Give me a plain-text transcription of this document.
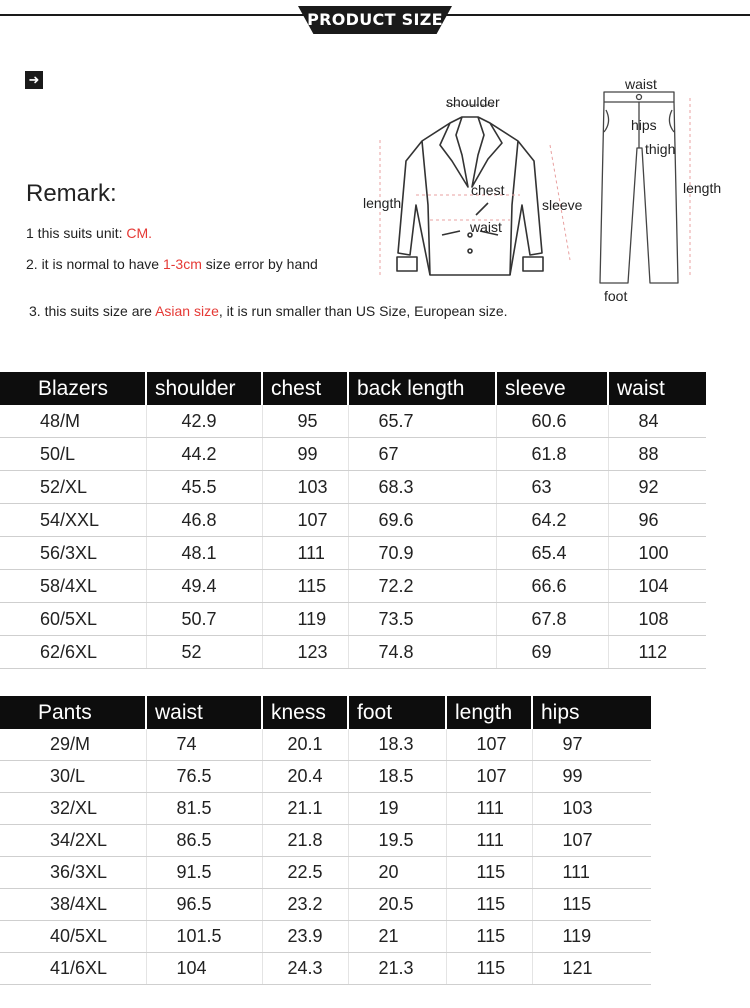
PRODUCT SIZE
➜
Remark:
1 this suits unit: CM.
2. it is normal to have 1-3cm size error by hand
3. this suits size are Asian size, it is run smaller than US Size, European size.
shoulder
length
chest
sleeve
waist
waist
hips
thigh
length
foot
Blazers	shoulder	chest	back length	sleeve	waist
48/M	42.9	95	65.7	60.6	84
50/L	44.2	99	67	61.8	88
52/XL	45.5	103	68.3	63	92
54/XXL	46.8	107	69.6	64.2	96
56/3XL	48.1	111	70.9	65.4	100
58/4XL	49.4	115	72.2	66.6	104
60/5XL	50.7	119	73.5	67.8	108
62/6XL	52	123	74.8	69	112
Pants	waist	kness	foot	length	hips
29/M	74	20.1	18.3	107	97
30/L	76.5	20.4	18.5	107	99
32/XL	81.5	21.1	19	111	103
34/2XL	86.5	21.8	19.5	111	107
36/3XL	91.5	22.5	20	115	111
38/4XL	96.5	23.2	20.5	115	115
40/5XL	101.5	23.9	21	115	119
41/6XL	104	24.3	21.3	115	121
